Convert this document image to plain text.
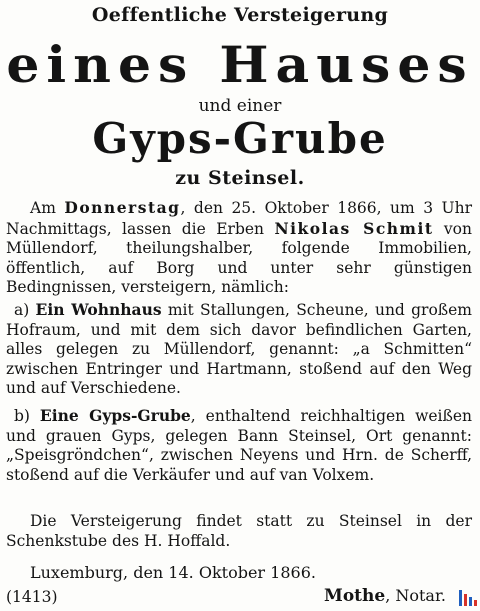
Oeffentliche Versteigerung
eines Hauses
und einer
Gyps-Grube
zu Steinsel.
Am Donnerstag, den 25. Oktober 1866, um 3 Uhr Nachmittags, lassen die Erben Nikolas Schmit von Müllendorf, theilungshalber, folgende Immobilien, öffentlich, auf Borg und unter sehr günstigen Bedingnissen, versteigern, nämlich:
a) Ein Wohnhaus mit Stallungen, Scheune, und großem Hofraum, und mit dem sich davor befindlichen Garten, alles gelegen zu Müllendorf, genannt: „a Schmitten“ zwischen Entringer und Hartmann, stoßend auf den Weg und auf Verschiedene.
b) Eine Gyps-Grube, enthaltend reichhaltigen weißen und grauen Gyps, gelegen Bann Steinsel, Ort genannt: „Speisgröndchen“, zwischen Neyens und Hrn. de Scherff, stoßend auf die Verkäufer und auf van Volxem.
Die Versteigerung findet statt zu Steinsel in der Schenkstube des H. Hoffald.
Luxemburg, den 14. Oktober 1866.
(1413)	Mothe, Notar.
